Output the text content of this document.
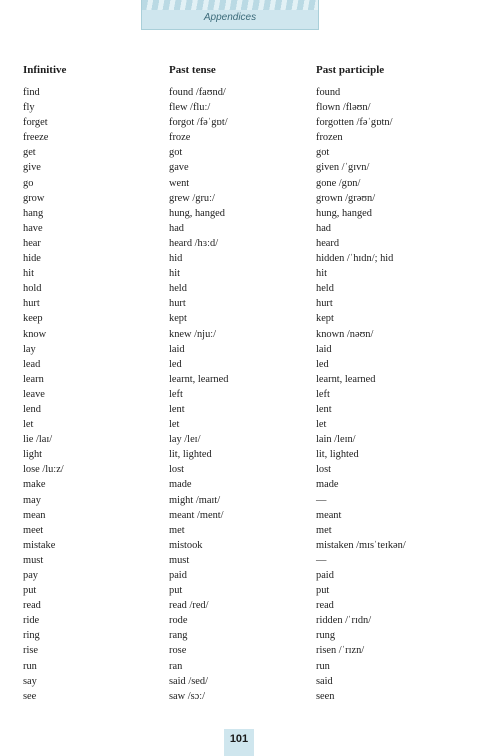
Appendices
Infinitive	Past tense	Past participle
find	found /faʊnd/	found
fly	flew /fluː/	flown /fləʊn/
forget	forgot /fəˈgɒt/	forgotten /fəˈgɒtn/
freeze	froze	frozen
get	got	got
give	gave	given /ˈgɪvn/
go	went	gone /gɒn/
grow	grew /gruː/	grown /grəʊn/
hang	hung, hanged	hung, hanged
have	had	had
hear	heard /hɜːd/	heard
hide	hid	hidden /ˈhɪdn/; hid
hit	hit	hit
hold	held	held
hurt	hurt	hurt
keep	kept	kept
know	knew /njuː/	known /nəʊn/
lay	laid	laid
lead	led	led
learn	learnt, learned	learnt, learned
leave	left	left
lend	lent	lent
let	let	let
lie /laɪ/	lay /leɪ/	lain /leɪn/
light	lit, lighted	lit, lighted
lose /luːz/	lost	lost
make	made	made
may	might /maɪt/	—
mean	meant /ment/	meant
meet	met	met
mistake	mistook	mistaken /mɪsˈteɪkən/
must	must	—
pay	paid	paid
put	put	put
read	read /red/	read
ride	rode	ridden /ˈrɪdn/
ring	rang	rung
rise	rose	risen /ˈrɪzn/
run	ran	run
say	said /sed/	said
see	saw /sɔː/	seen
101
